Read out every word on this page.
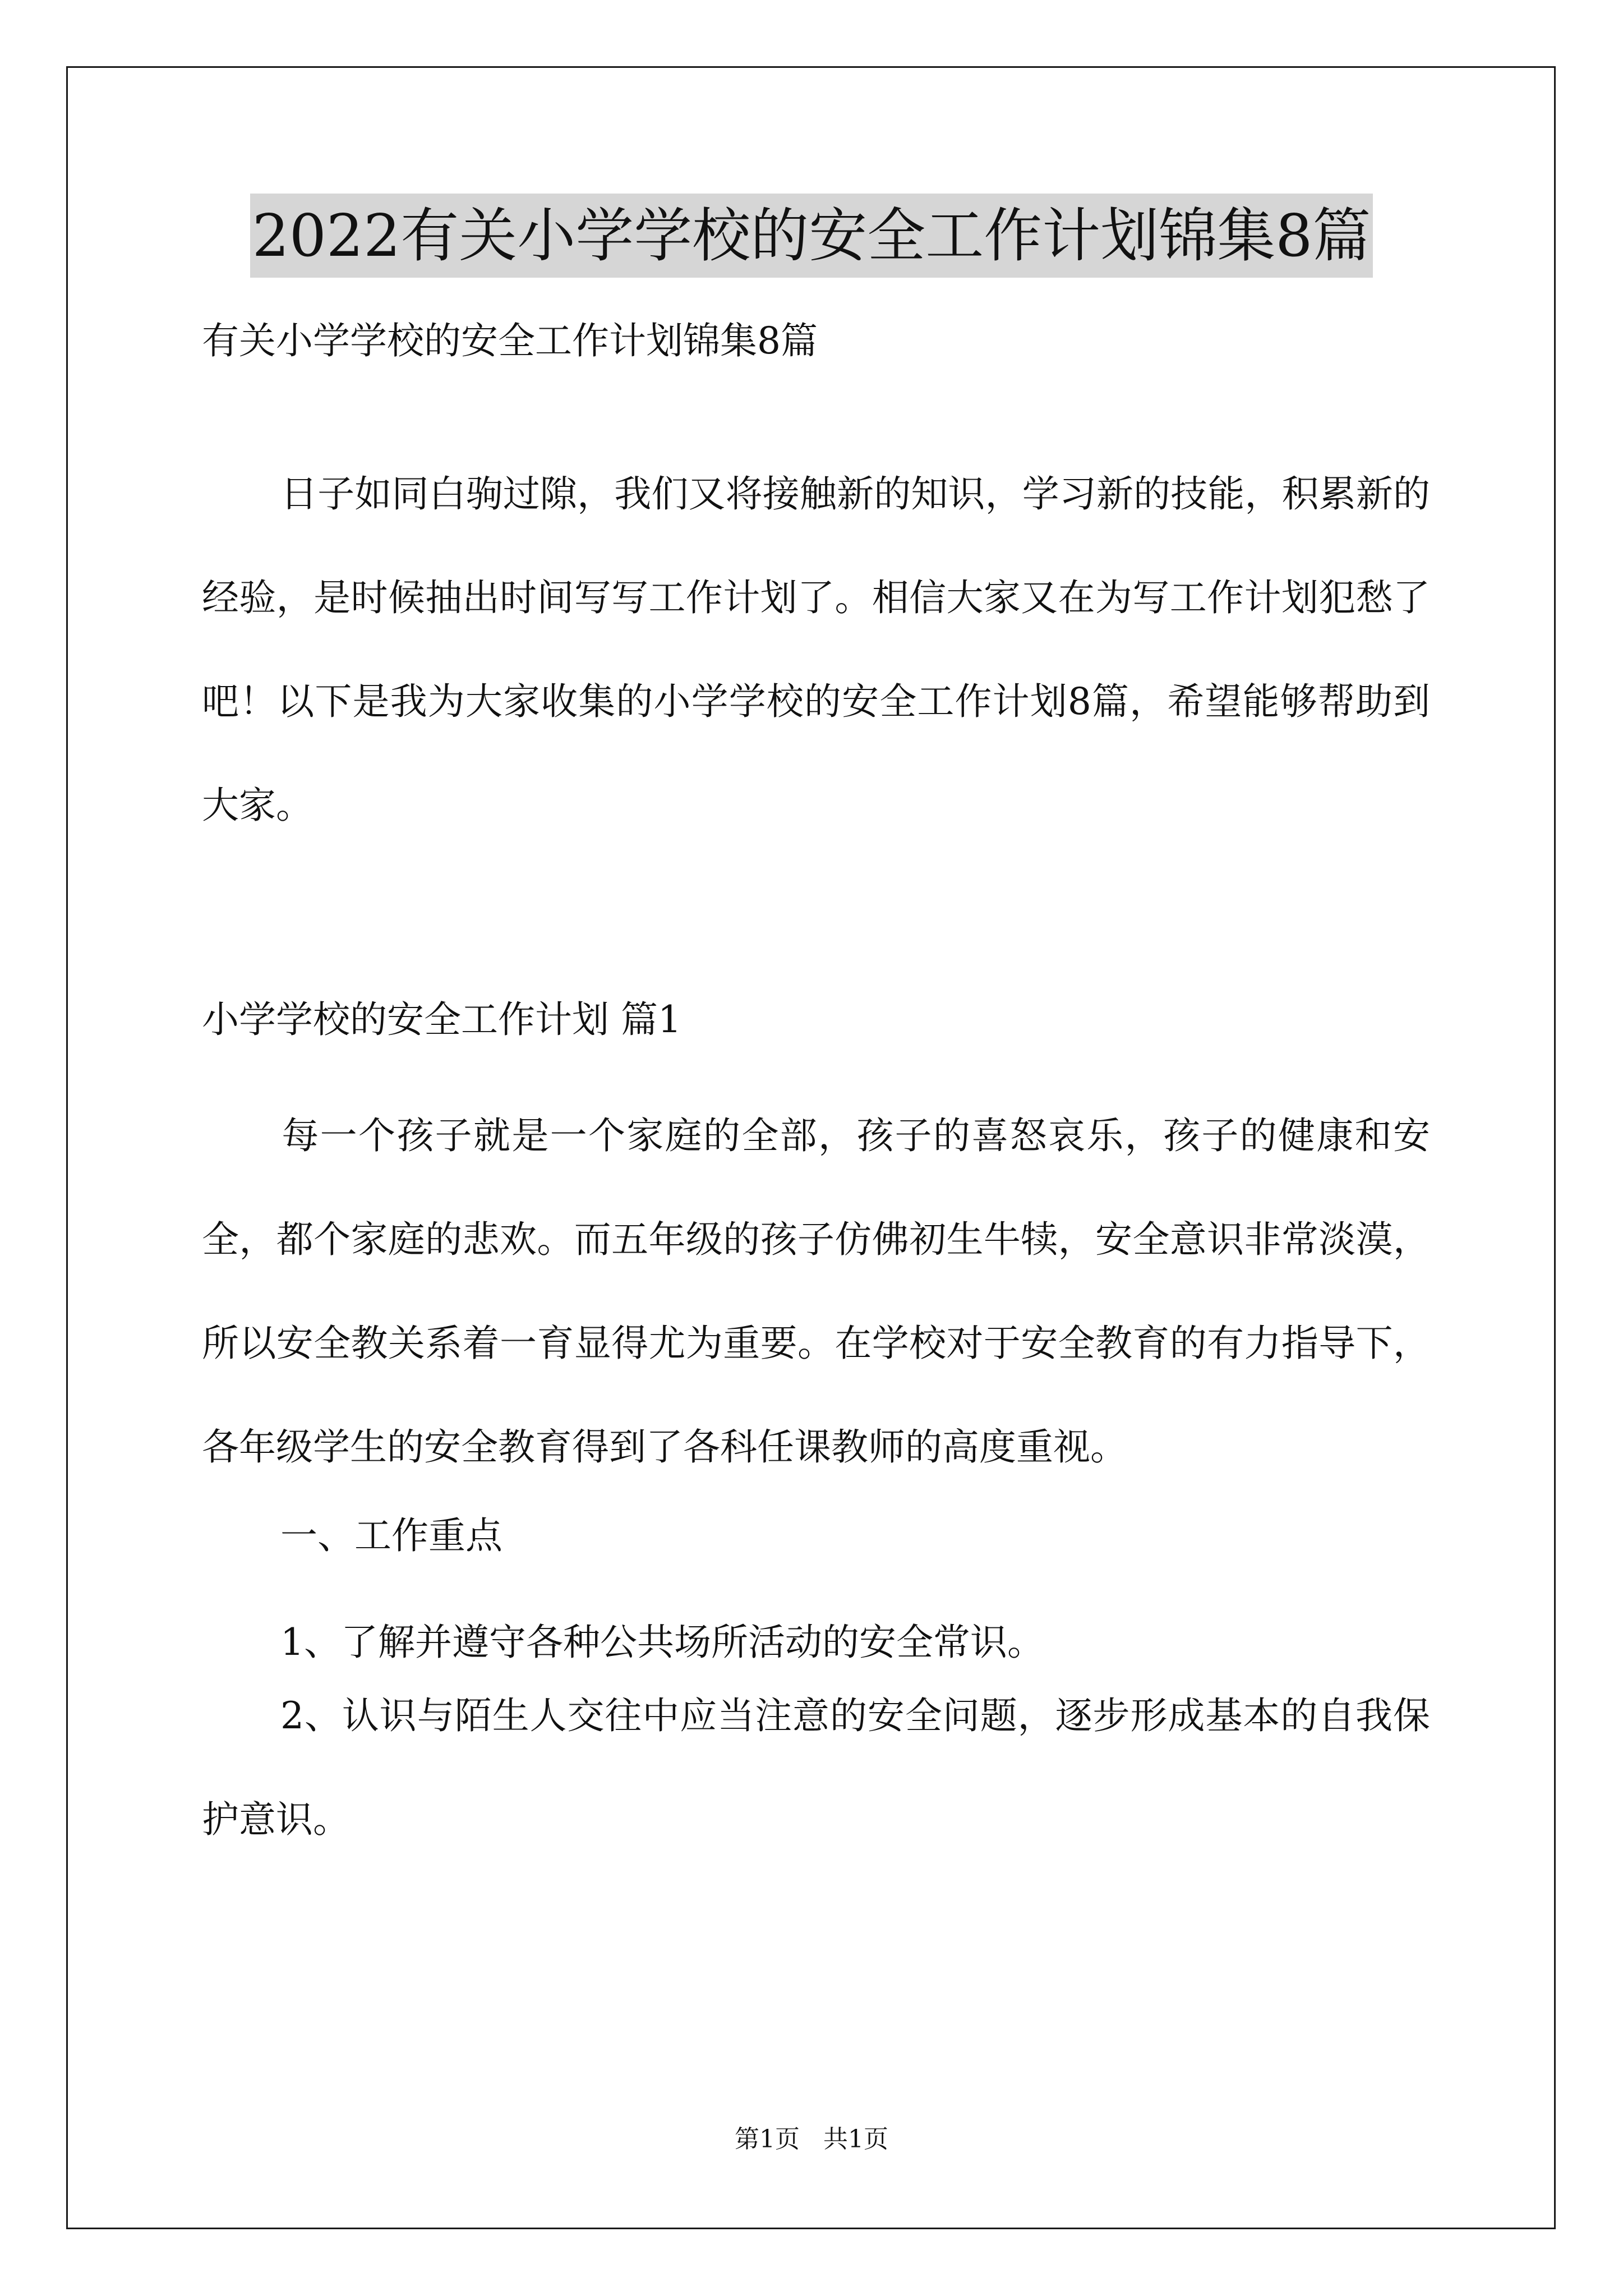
2022有关小学学校的安全工作计划锦集8篇
有关小学学校的安全工作计划锦集8篇
日子如同白驹过隙，我们又将接触新的知识，学习新的技能，积累新的经验，是时候抽出时间写写工作计划了。相信大家又在为写工作计划犯愁了吧！以下是我为大家收集的小学学校的安全工作计划8篇，希望能够帮助到大家。
小学学校的安全工作计划 篇1
每一个孩子就是一个家庭的全部，孩子的喜怒哀乐，孩子的健康和安全，都个家庭的悲欢。而五年级的孩子仿佛初生牛犊，安全意识非常淡漠，所以安全教关系着一育显得尤为重要。在学校对于安全教育的有力指导下，各年级学生的安全教育得到了各科任课教师的高度重视。
一、工作重点
1、了解并遵守各种公共场所活动的安全常识。
2、认识与陌生人交往中应当注意的安全问题，逐步形成基本的自我保护意识。
第1页   共1页
